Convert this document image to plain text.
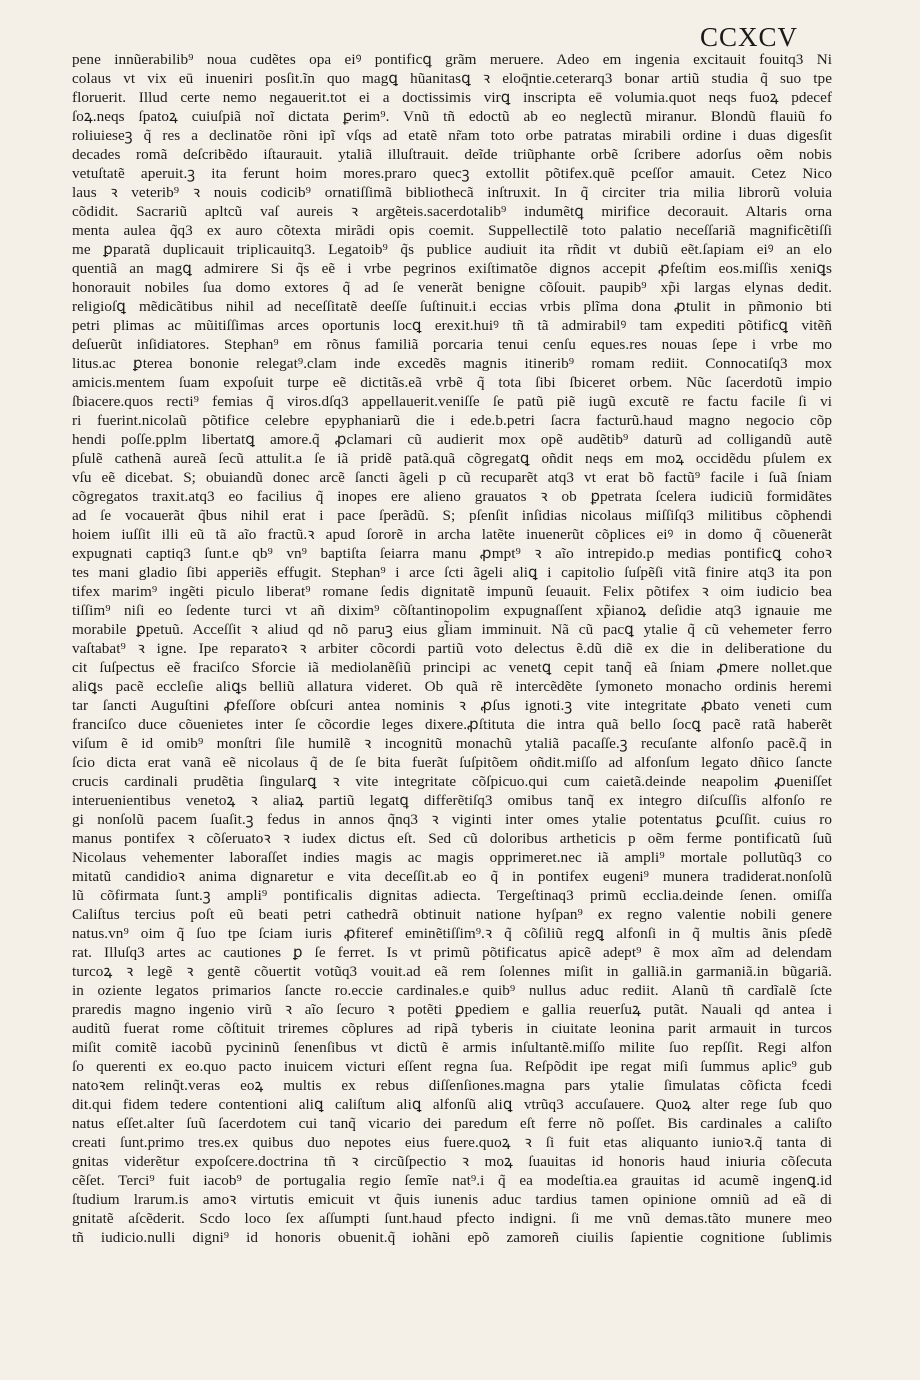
CCXCV
pene innũerabilib⁹ noua cudẽtes opa eiꝰ pontificꝗ grãm meruere. Adeo em ingenia excitauit fouitq3 Ni
colaus vt vix eū inueniri posſit.ĩn quo magꝗ hũanitasꝗ ꝛ eloq̄ntie.ceterarq3 bonar artiũ studia q̃ suo tpe
floruerit. Illud certe nemo negauerit.tot ei a doctissimis virꝗ inscripta eē volumia.quot neqs fuoꝝ pdecef
ſoꝝ.neqs ſpatoꝝ cuiuſpiã noĩ dictata ꝑerim⁹. Vnũ tñ edoctũ ab eo neglectũ miranur. Blondũ flauiũ fo
roliuieseꝫ q̃ res a declinatõe rõni ipĩ vſqs ad etatẽ nr̃am toto orbe patratas mirabili ordine i duas digesſit
decades romã deſcribẽdo iſtaurauit. ytaliã illuſtrauit. deĩde triũphante orbẽ ſcribere adorſus oẽm nobis
vetuſtatẽ aperuit.ꝫ ita ferunt hoim mores.praro quecꝫ extollit põtifex.quẽ pceſſor amauit. Cetez Nico
laus ꝛ veterib⁹ ꝛ nouis codicib⁹ ornatiſſimã bibliothecã inſtruxit. In q̃ circiter tria milia librorũ voluia
cõdidit. Sacrariũ apltcũ vaſ aureis ꝛ argẽteis.sacerdotalib⁹ indumẽtꝗ mirifice decorauit. Altaris orna
menta aulea q̃q3 ex auro cõtexta mirãdi opis coemit. Suppellectilẽ toto palatio neceſſariã magnificẽtiſſi
me ꝑparatã duplicauit triplicauitq3. Legatoib⁹ q̃s publice audiuit ita rñdit vt dubiũ eẽt.ſapiam eiꝰ an elo
quentiã an magꝗ admirere Si q̃s eẽ i vrbe pegrinos exiſtimatõe dignos accepit ꝓfeſtim eos.miſſis xeniꝗs
honorauit nobiles ſua domo extores q̃ ad ſe venerãt benigne cõſouit. paupib⁹ xp̃i largas elynas dedit.
religioſꝗ mẽdicãtibus nihil ad neceſſitatẽ deeſſe ſuſtinuit.i eccias vrbis plĩma dona ꝓtulit in pñmonio bti
petri plimas ac mũitiſſimas arces oportunis locꝗ erexit.huiꝰ tñ tã admirabilꝰ tam expediti põtificꝗ vitẽñ
deſuerũt inſidiatores. Stephan⁹ em rõnus familiã porcaria tenui cenſu eques.res nouas ſepe i vrbe mo
litus.ac ꝑterea bononie relegat⁹.clam inde excedẽs magnis itinerib⁹ romam rediit. Connocatiſq3 mox
amicis.mentem ſuam expoſuit turpe eẽ dictitãs.eã vrbẽ q̃ tota ſibi ſbiceret orbem. Nũc ſacerdotũ impio
ſbiacere.quos recti⁹ femias q̃ viros.dſq3 appellauerit.veniſſe ſe patũ piẽ iugũ excutẽ re factu facile ſi vi
ri fuerint.nicolaũ põtifice celebre epyphaniarũ die i ede.b.petri ſacra facturũ.haud magno negocio cõp
hendi poſſe.pplm libertatꝗ amore.q̃ ꝓclamari cũ audierit mox opẽ audẽtib⁹ daturũ ad colligandũ autẽ
pſulẽ cathenã aureã ſecũ attulit.a ſe iã pridẽ patã.quã cõgregatꝗ oñdit neqs em moꝝ occidẽdu pſulem ex
vſu eẽ dicebat. S; obuiandũ donec arcẽ ſancti ãgeli p cũ recuparẽt atq3 vt erat bõ factũ⁹ facile i ſuã ſniam
cõgregatos traxit.atq3 eo facilius q̃ inopes ere alieno grauatos ꝛ ob ꝑpetrata ſcelera iudiciũ formidãtes
ad ſe vocauerãt q̃bus nihil erat i pace ſperãdũ. S; pſenſit inſidias nicolaus miſſiſq3 militibus cõphendi
hoiem iuſſit illi eũ tã aĩo fractũ.ꝛ apud ſororẽ in archa latẽte inuenerũt cõplices eiꝰ in domo q̃ cõuenerãt
expugnati captiq3 ſunt.e qb⁹ vn⁹ baptiſta ſeiarra manu ꝓmpt⁹ ꝛ aĩo intrepido.p medias pontificꝗ cohoꝛ
tes mani gladio ſibi apperiẽs effugit. Stephan⁹ i arce ſcti ãgeli aliꝗ i capitolio ſuſpẽſi vitã finire atq3 ita pon
tifex marim⁹ ingẽti piculo liberat⁹ romane ſedis dignitatẽ impunũ ſeuauit. Felix põtifex ꝛ oim iudicio bea
tiſſim⁹ niſi eo ſedente turci vt añ dixim⁹ cõſtantinopolim expugnaſſent xp̃ianoꝝ deſidie atq3 ignauie me
morabile ꝑpetuũ. Acceſſit ꝛ aliud qd nõ paruꝫ eius gl̃iam imminuit. Nã cũ pacꝗ ytalie q̃ cũ vehemeter ferro
vaſtabat⁹ ꝛ igne. Ipe reparatoꝛ ꝛ arbiter cõcordi partiũ voto delectus ẽ.dũ diẽ ex die in deliberatione du
cit ſuſpectus eẽ fraciſco Sforcie iã mediolanẽſiũ principi ac venetꝗ cepit tanq̃ eã ſniam ꝓmere nollet.que
aliꝗs pacẽ eccleſie aliꝗs belliũ allatura videret. Ob quã rẽ intercẽdẽte ſymoneto monacho ordinis heremi
tar ſancti Auguſtini ꝓfeſſore obſcuri antea nominis ꝛ ꝓſus ignoti.ꝫ vite integritate ꝓbato veneti cum
franciſco duce cõuenietes inter ſe cõcordie leges dixere.ꝓſtituta die intra quã bello ſocꝗ pacẽ ratã haberẽt
viſum ẽ id omib⁹ monſtri ſile humilẽ ꝛ incognitũ monachũ ytaliã pacaſſe.ꝫ recuſante alfonſo pacẽ.q̃ in
ſcio dicta erat vanã eẽ nicolaus q̃ de ſe bita fuerãt ſuſpitõem oñdit.miſſo ad alfonſum legato dñico ſancte
crucis cardinali prudẽtia ſingularꝗ ꝛ vite integritate cõſpicuo.qui cum caietã.deinde neapolim ꝓueniſſet
interuenientibus venetoꝝ ꝛ aliaꝝ partiũ legatꝗ differẽtiſq3 omibus tanq̃ ex integro diſcuſſis alfonſo re
gi nonſolũ pacem ſuaſit.ꝫ fedus in annos q̃nq3 ꝛ viginti inter omes ytalie potentatus ꝑcuſſit. cuius ro
manus pontifex ꝛ cõſeruatoꝛ ꝛ iudex dictus eſt. Sed cũ doloribus artheticis p oẽm ferme pontificatũ ſuũ
Nicolaus vehementer laboraſſet indies magis ac magis opprimeret.nec iã ampli⁹ mortale pollutũq3 co
mitatũ candidioꝛ anima dignaretur e vita deceſſit.ab eo q̃ in pontifex eugeni⁹ munera tradiderat.nonſolũ
lũ cõfirmata ſunt.ꝫ ampli⁹ pontificalis dignitas adiecta. Tergeſtinaq3 primũ ecclia.deinde ſenen. omiſſa
Caliſtus tercius poſt eũ beati petri cathedrã obtinuit natione hyſpan⁹ ex regno valentie nobili genere
natus.vn⁹ oim q̃ ſuo tpe ſciam iuris ꝓfiteref eminẽtiſſim⁹.ꝛ q̃ cõſiliũ regꝗ alfonſi in q̃ multis ãnis pſedẽ
rat. Illuſq3 artes ac cautiones ꝑ ſe ferret. Is vt primũ põtificatus apicẽ adept⁹ ẽ mox aĩm ad delendam
turcoꝝ ꝛ legẽ ꝛ gentẽ cõuertit votũq3 vouit.ad eã rem ſolennes miſit in galliã.in garmaniã.in bũgariã.
in oziente legatos primarios ſancte ro.eccie cardinales.e quib⁹ nullus aduc rediit. Alanũ tñ cardĩalẽ ſcte
praredis magno ingenio virũ ꝛ aĩo ſecuro ꝛ potẽti ꝑpediem e gallia reuerſuꝝ putãt. Nauali qd antea i
auditũ fuerat rome cõſtituit triremes cõplures ad ripã tyberis in ciuitate leonina parit armauit in turcos
miſit comitẽ iacobũ pycininũ ſenenſibus vt dictũ ẽ armis inſultantẽ.miſſo milite ſuo repſſit. Regi alfon
ſo querenti ex eo.quo pacto inuicem victuri eſſent regna ſua. Reſpõdit ipe regat miſi ſummus aplic⁹ gub
natoꝛem relinq̃t.veras eoꝝ multis ex rebus diſſenſiones.magna pars ytalie ſimulatas cõficta fcedi
dit.qui fidem tedere contentioni aliꝗ caliſtum aliꝗ alfonſũ aliꝗ vtrũq3 accuſauere. Quoꝝ alter rege ſub quo
natus eſſet.alter ſuũ ſacerdotem cui tanq̃ vicario dei paredum eſt ferre nõ poſſet. Bis cardinales a caliſto
creati ſunt.primo tres.ex quibus duo nepotes eius fuere.quoꝝ ꝛ ſi fuit etas aliquanto iunioꝛ.q̃ tanta di
gnitas viderẽtur expoſcere.doctrina tñ ꝛ circũſpectio ꝛ moꝝ ſuauitas id honoris haud iniuria cõſecuta
cẽſet. Terci⁹ fuit iacob⁹ de portugalia regio ſemĩe nat⁹.i q̃ ea modeſtia.ea grauitas id acumẽ ingenꝗ.id
ſtudium lrarum.is amoꝛ virtutis emicuit vt q̃uis iunenis aduc tardius tamen opinione omniũ ad eã di
gnitatẽ aſcẽderit. Scdo loco ſex aſſumpti ſunt.haud pfecto indigni. ſi me vnũ demas.tãto munere meo
tñ iudicio.nulli digni⁹ id honoris obuenit.q̃ iohãni epõ zamoreñ ciuilis ſapientie cognitione ſublimis
